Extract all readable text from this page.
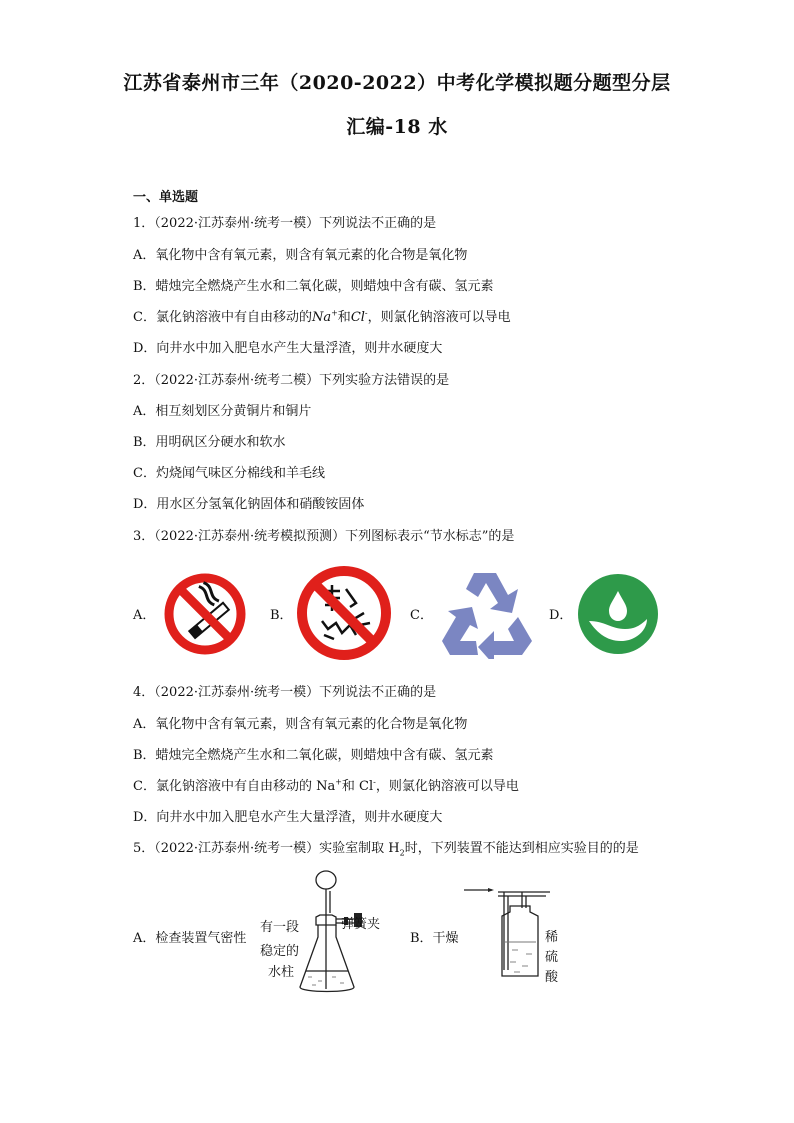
江苏省泰州市三年（2020-2022）中考化学模拟题分题型分层
汇编-18 水
一、单选题
1．（2022·江苏泰州·统考一模）下列说法不正确的是
A．氧化物中含有氧元素，则含有氧元素的化合物是氧化物
B．蜡烛完全燃烧产生水和二氧化碳，则蜡烛中含有碳、氢元素
C．氯化钠溶液中有自由移动的Na+和Cl-，则氯化钠溶液可以导电
D．向井水中加入肥皂水产生大量浮渣，则井水硬度大
2．（2022·江苏泰州·统考二模）下列实验方法错误的是
A．相互刻划区分黄铜片和铜片
B．用明矾区分硬水和软水
C．灼烧闻气味区分棉线和羊毛线
D．用水区分氢氧化钠固体和硝酸铵固体
3．（2022·江苏泰州·统考模拟预测）下列图标表示“节水标志”的是
A．	B．	C．	D．
4．（2022·江苏泰州·统考一模）下列说法不正确的是
A．氧化物中含有氧元素，则含有氧元素的化合物是氧化物
B．蜡烛完全燃烧产生水和二氧化碳，则蜡烛中含有碳、氢元素
C．氯化钠溶液中有自由移动的 Na+和 Cl-，则氯化钠溶液可以导电
D．向井水中加入肥皂水产生大量浮渣，则井水硬度大
5．（2022·江苏泰州·统考一模）实验室制取 $H_2$时，下列装置不能达到相应实验目的的是
A．检查装置气密性
有一段
稳定的
水柱
弹簧夹
B．干燥	稀
硫
酸
